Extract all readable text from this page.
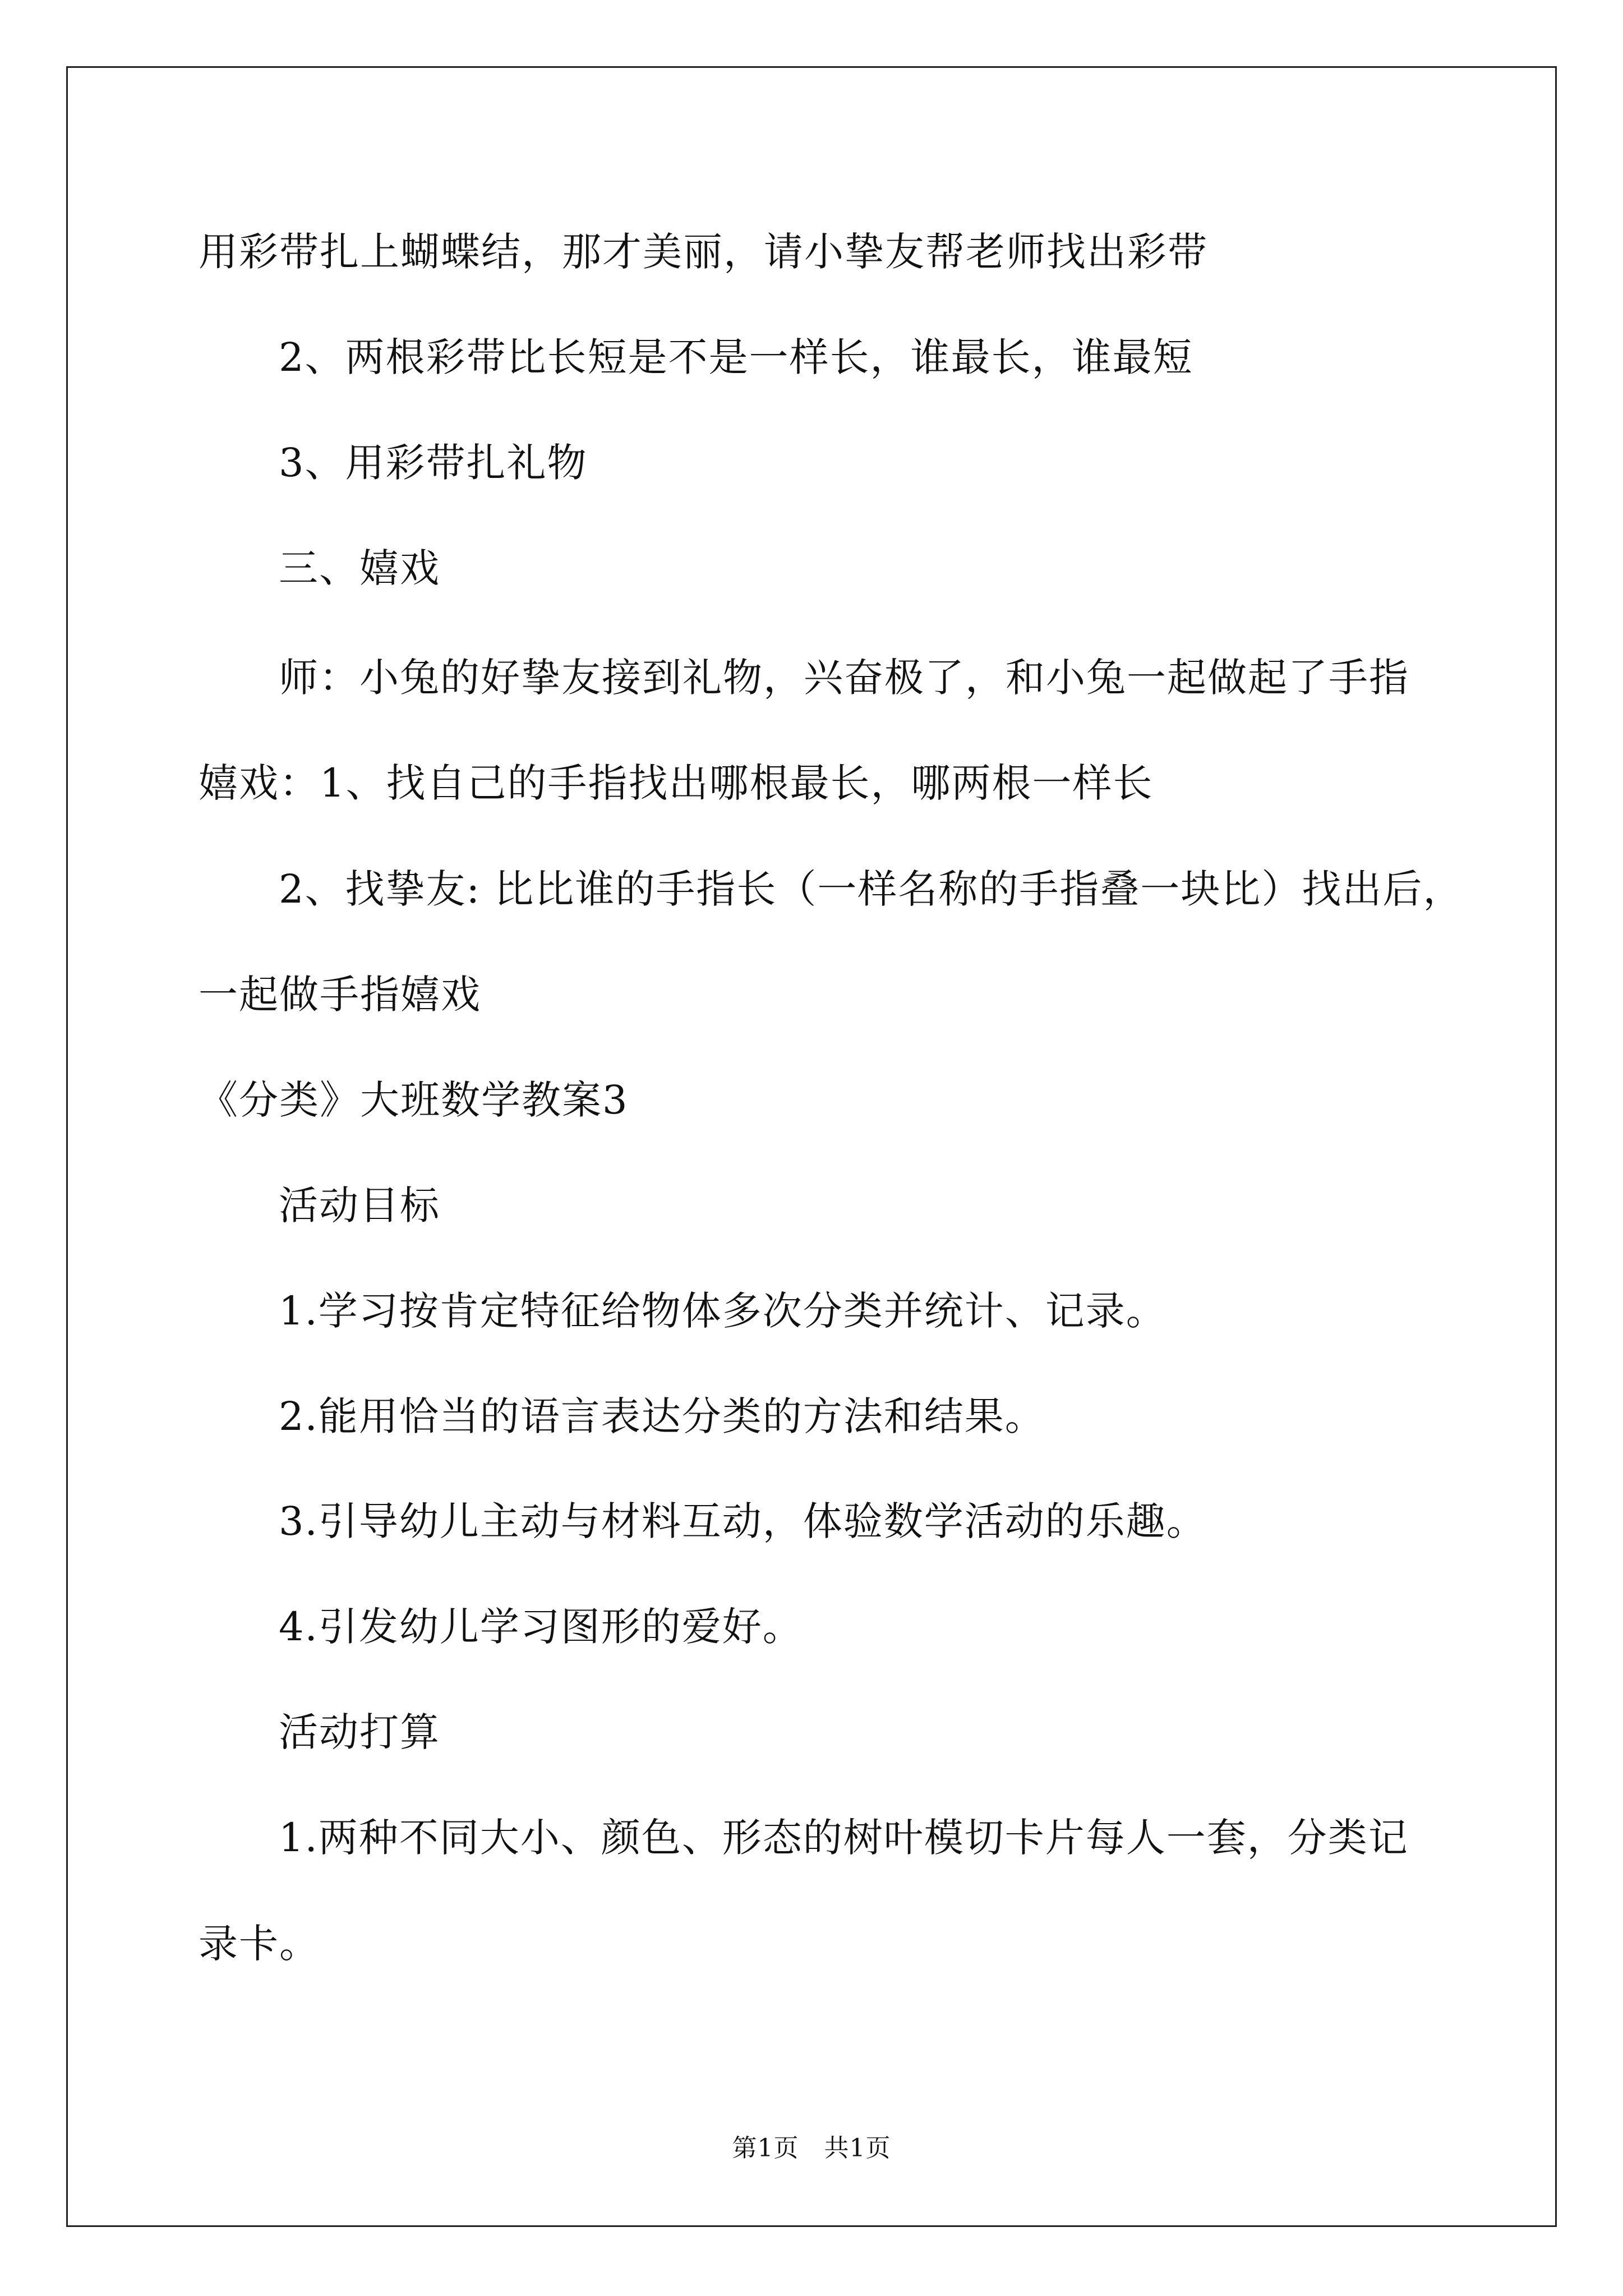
用彩带扎上蝴蝶结，那才美丽，请小挚友帮老师找出彩带
2、两根彩带比长短是不是一样长，谁最长，谁最短
3、用彩带扎礼物
三、嬉戏
师：小兔的好挚友接到礼物，兴奋极了，和小兔一起做起了手指
嬉戏：1、找自己的手指找出哪根最长，哪两根一样长
2、找挚友: 比比谁的手指长（一样名称的手指叠一块比）找出后，
一起做手指嬉戏
《分类》大班数学教案3
活动目标
1.学习按肯定特征给物体多次分类并统计、记录。
2.能用恰当的语言表达分类的方法和结果。
3.引导幼儿主动与材料互动，体验数学活动的乐趣。
4.引发幼儿学习图形的爱好。
活动打算
1.两种不同大小、颜色、形态的树叶模切卡片每人一套，分类记
录卡。
第1页　共1页
